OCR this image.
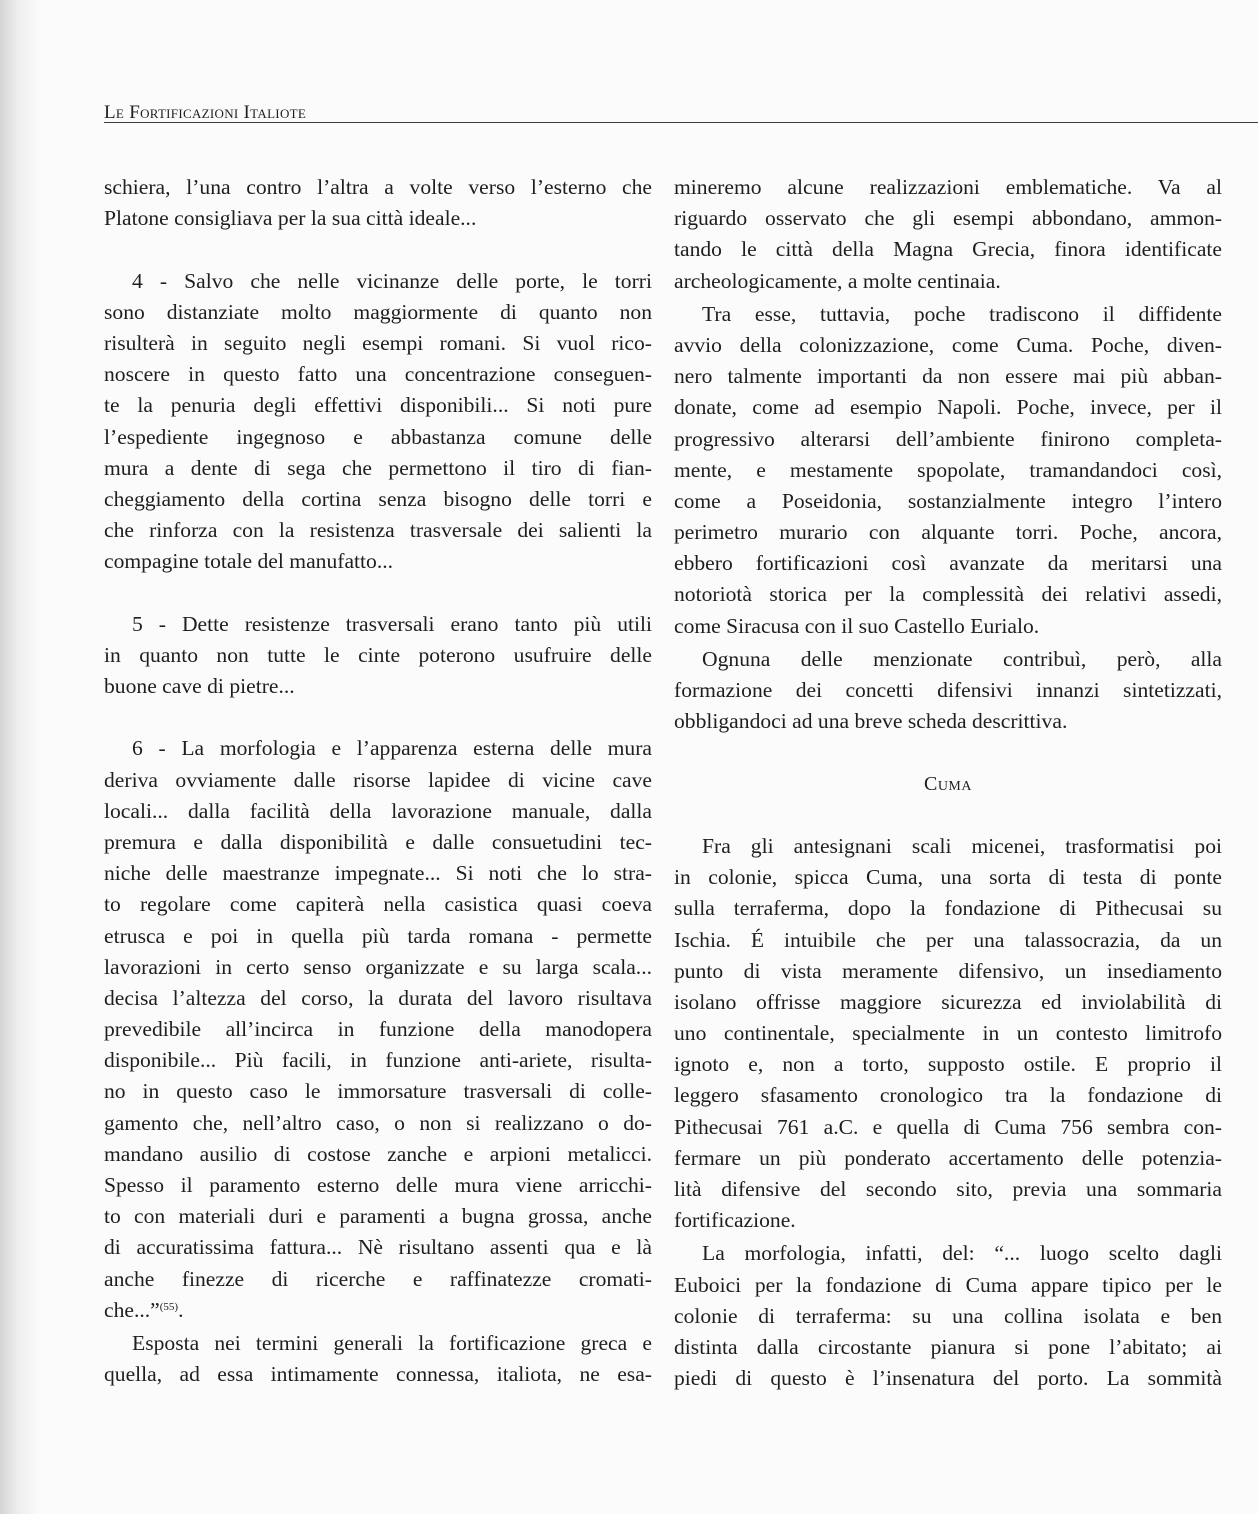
Le Fortificazioni Italiote
schiera, l’una contro l’altra a volte verso l’esterno che
Platone consigliava per la sua città ideale...
4 - Salvo che nelle vicinanze delle porte, le torri
sono distanziate molto maggiormente di quanto non
risulterà in seguito negli esempi romani. Si vuol rico-
noscere in questo fatto una concentrazione conseguen-
te la penuria degli effettivi disponibili... Si noti pure
l’espediente ingegnoso e abbastanza comune delle
mura a dente di sega che permettono il tiro di fian-
cheggiamento della cortina senza bisogno delle torri e
che rinforza con la resistenza trasversale dei salienti la
compagine totale del manufatto...
5 - Dette resistenze trasversali erano tanto più utili
in quanto non tutte le cinte poterono usufruire delle
buone cave di pietre...
6 - La morfologia e l’apparenza esterna delle mura
deriva ovviamente dalle risorse lapidee di vicine cave
locali... dalla facilità della lavorazione manuale, dalla
premura e dalla disponibilità e dalle consuetudini tec-
niche delle maestranze impegnate... Si noti che lo stra-
to regolare come capiterà nella casistica quasi coeva
etrusca e poi in quella più tarda romana - permette
lavorazioni in certo senso organizzate e su larga scala...
decisa l’altezza del corso, la durata del lavoro risultava
prevedibile all’incirca in funzione della manodopera
disponibile... Più facili, in funzione anti-ariete, risulta-
no in questo caso le immorsature trasversali di colle-
gamento che, nell’altro caso, o non si realizzano o do-
mandano ausilio di costose zanche e arpioni metalicci.
Spesso il paramento esterno delle mura viene arricchi-
to con materiali duri e paramenti a bugna grossa, anche
di accuratissima fattura... Nè risultano assenti qua e là
anche finezze di ricerche e raffinatezze cromati-
che...”$^{(55)}$.
Esposta nei termini generali la fortificazione greca e
quella, ad essa intimamente connessa, italiota, ne esa-
mineremo alcune realizzazioni emblematiche. Va al
riguardo osservato che gli esempi abbondano, ammon-
tando le città della Magna Grecia, finora identificate
archeologicamente, a molte centinaia.
Tra esse, tuttavia, poche tradiscono il diffidente
avvio della colonizzazione, come Cuma. Poche, diven-
nero talmente importanti da non essere mai più abban-
donate, come ad esempio Napoli. Poche, invece, per il
progressivo alterarsi dell’ambiente finirono completa-
mente, e mestamente spopolate, tramandandoci così,
come a Poseidonia, sostanzialmente integro l’intero
perimetro murario con alquante torri. Poche, ancora,
ebbero fortificazioni così avanzate da meritarsi una
notoriotà storica per la complessità dei relativi assedi,
come Siracusa con il suo Castello Eurialo.
Ognuna delle menzionate contribuì, però, alla
formazione dei concetti difensivi innanzi sintetizzati,
obbligandoci ad una breve scheda descrittiva.
Cuma
Fra gli antesignani scali micenei, trasformatisi poi
in colonie, spicca Cuma, una sorta di testa di ponte
sulla terraferma, dopo la fondazione di Pithecusai su
Ischia. É intuibile che per una talassocrazia, da un
punto di vista meramente difensivo, un insediamento
isolano offrisse maggiore sicurezza ed inviolabilità di
uno continentale, specialmente in un contesto limitrofo
ignoto e, non a torto, supposto ostile. E proprio il
leggero sfasamento cronologico tra la fondazione di
Pithecusai 761 a.C. e quella di Cuma 756 sembra con-
fermare un più ponderato accertamento delle potenzia-
lità difensive del secondo sito, previa una sommaria
fortificazione.
La morfologia, infatti, del: “... luogo scelto dagli
Euboici per la fondazione di Cuma appare tipico per le
colonie di terraferma: su una collina isolata e ben
distinta dalla circostante pianura si pone l’abitato; ai
piedi di questo è l’insenatura del porto. La sommità
